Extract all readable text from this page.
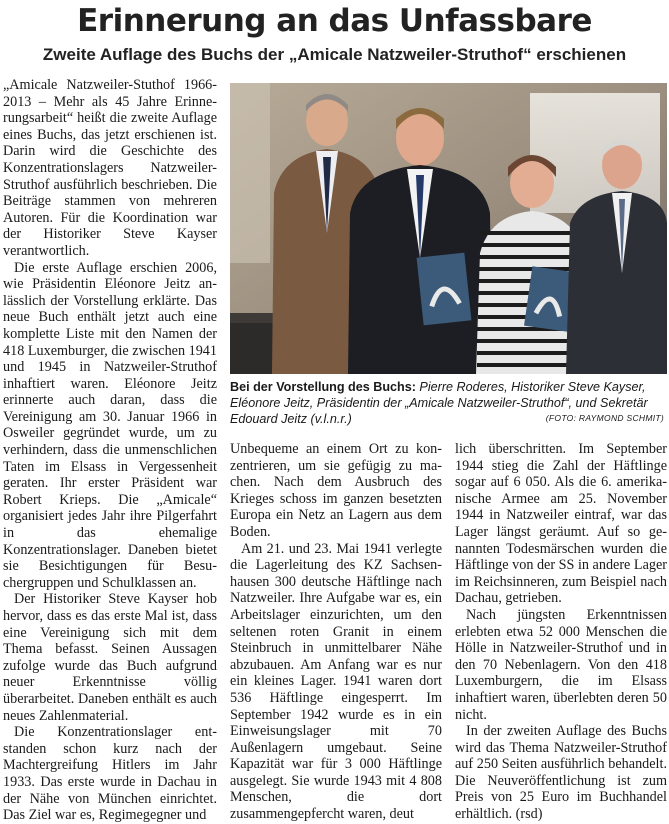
Erinnerung an das Unfassbare
Zweite Auflage des Buchs der „Amicale Natzweiler-Struthof“ erschienen

„Amicale Natzweiler-Stuthof 1966-2013 – Mehr als 45 Jahre Erinnerungsarbeit“ heißt die zweite Auflage eines Buchs, das jetzt erschienen ist. Darin wird die Geschichte des Konzentrationslagers Natzweiler-Struthof ausführlich beschrieben. Die Beiträge stammen von mehreren Autoren. Für die Koordination war der Historiker Steve Kayser verantwortlich.

Die erste Auflage erschien 2006, wie Präsidentin Eléonore Jeitz anlässlich der Vorstellung erklärte. Das neue Buch enthält jetzt auch eine komplette Liste mit den Namen der 418 Luxemburger, die zwischen 1941 und 1945 in Natzweiler-Struthof inhaftiert waren. Eléonore Jeitz erinnerte auch daran, dass die Vereinigung am 30. Januar 1966 in Osweiler gegründet wurde, um zu verhindern, dass die unmenschlichen Taten im Elsass in Vergessenheit geraten. Ihr erster Präsident war Robert Krieps. Die „Amicale“ organisiert jedes Jahr ihre Pilgerfahrt in das ehemalige Konzentrationslager. Daneben bietet sie Besichtigungen für Besuchergruppen und Schulklassen an.

Der Historiker Steve Kayser hob hervor, dass es das erste Mal ist, dass eine Vereinigung sich mit dem Thema befasst. Seinen Aussagen zufolge wurde das Buch aufgrund neuer Erkenntnisse völlig überarbeitet. Daneben enthält es auch neues Zahlenmaterial.

Die Konzentrationslager entstanden schon kurz nach der Machtergreifung Hitlers im Jahr 1933. Das erste wurde in Dachau in der Nähe von München einrichtet. Das Ziel war es, Regimegegner und

Bei der Vorstellung des Buchs: Pierre Roderes, Historiker Steve Kayser, Eléonore Jeitz, Präsidentin der „Amicale Natzweiler-Struthof“, und Sekretär Edouard Jeitz (v.l.n.r.)	(FOTO: RAYMOND SCHMIT)

Unbequeme an einem Ort zu konzentrieren, um sie gefügig zu machen. Nach dem Ausbruch des Krieges schoss im ganzen besetzten Europa ein Netz an Lagern aus dem Boden.

Am 21. und 23. Mai 1941 verlegte die Lagerleitung des KZ Sachsenhausen 300 deutsche Häftlinge nach Natzweiler. Ihre Aufgabe war es, ein Arbeitslager einzurichten, um den seltenen roten Granit in einem Steinbruch in unmittelbarer Nähe abzubauen. Am Anfang war es nur ein kleines Lager. 1941 waren dort 536 Häftlinge eingesperrt. Im September 1942 wurde es in ein Einweisungslager mit 70 Außenlagern umgebaut. Seine Kapazität war für 3 000 Häftlinge ausgelegt. Sie wurde 1943 mit 4 808 Menschen, die dort zusammengepfercht waren, deut

lich überschritten. Im September 1944 stieg die Zahl der Häftlinge sogar auf 6 050. Als die 6. amerikanische Armee am 25. November 1944 in Natzweiler eintraf, war das Lager längst geräumt. Auf so genannten Todesmärschen wurden die Häftlinge von der SS in andere Lager im Reichsinneren, zum Beispiel nach Dachau, getrieben.

Nach jüngsten Erkenntnissen erlebten etwa 52 000 Menschen die Hölle in Natzweiler-Struthof und in den 70 Nebenlagern. Von den 418 Luxemburgern, die im Elsass inhaftiert waren, überlebten deren 50 nicht.

In der zweiten Auflage des Buchs wird das Thema Natzweiler-Struthof auf 250 Seiten ausführlich behandelt. Die Neuveröffentlichung ist zum Preis von 25 Euro im Buchhandel erhältlich. (rsd)
